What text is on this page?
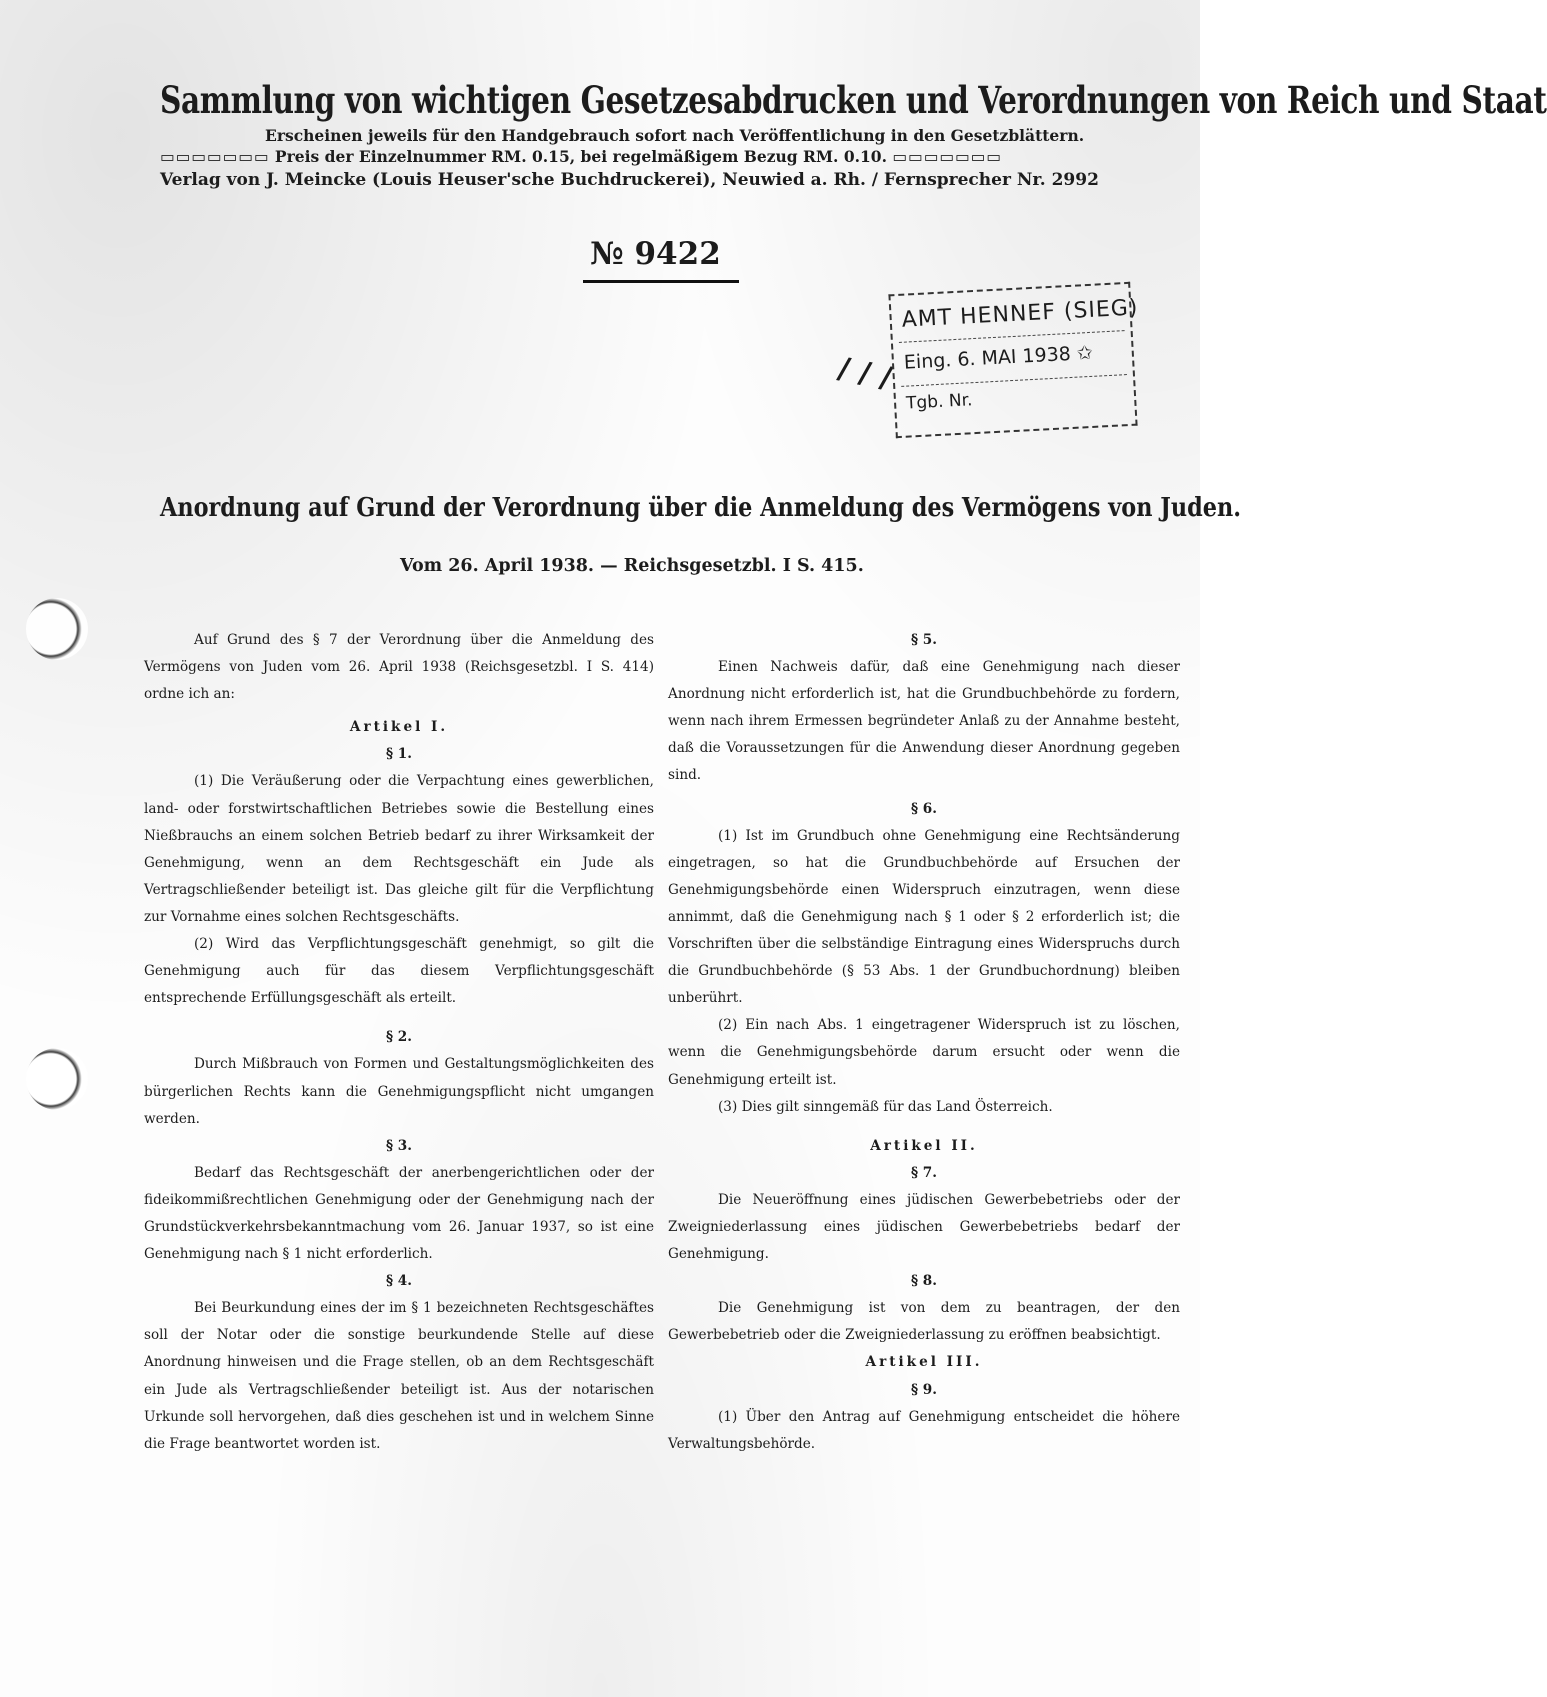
Sammlung von wichtigen Gesetzesabdrucken und Verordnungen von Reich und Staat
Erscheinen jeweils für den Handgebrauch sofort nach Veröffentlichung in den Gesetzblättern.
▭▭▭▭▭▭▭ Preis der Einzelnummer RM. 0.15, bei regelmäßigem Bezug RM. 0.10. ▭▭▭▭▭▭▭
Verlag von J. Meincke (Louis Heuser'sche Buchdruckerei), Neuwied a. Rh. / Fernsprecher Nr. 2992
№ 9422
/ / /
AMT HENNEF (SIEG)
Eing. 6. MAI 1938 ✩
Tgb. Nr.
Anordnung auf Grund der Verordnung über die Anmeldung des Vermögens von Juden.
Vom 26. April 1938. — Reichsgesetzbl. I S. 415.

Auf Grund des § 7 der Verordnung über die Anmeldung des Vermögens von Juden vom 26. April 1938 (Reichsgesetzbl. I S. 414) ordne ich an:

Artikel I.

§ 1.

(1) Die Veräußerung oder die Verpachtung eines gewerblichen, land- oder forstwirtschaftlichen Betriebes sowie die Bestellung eines Nießbrauchs an einem solchen Betrieb bedarf zu ihrer Wirksamkeit der Genehmigung, wenn an dem Rechtsgeschäft ein Jude als Vertragschließender beteiligt ist. Das gleiche gilt für die Verpflichtung zur Vornahme eines solchen Rechtsgeschäfts.

(2) Wird das Verpflichtungsgeschäft genehmigt, so gilt die Genehmigung auch für das diesem Verpflichtungsgeschäft entsprechende Erfüllungsgeschäft als erteilt.

§ 2.

Durch Mißbrauch von Formen und Gestaltungsmöglichkeiten des bürgerlichen Rechts kann die Genehmigungspflicht nicht umgangen werden.

§ 3.

Bedarf das Rechtsgeschäft der anerbengerichtlichen oder der fideikommißrechtlichen Genehmigung oder der Genehmigung nach der Grundstückverkehrsbekanntmachung vom 26. Januar 1937, so ist eine Genehmigung nach § 1 nicht erforderlich.

§ 4.

Bei Beurkundung eines der im § 1 bezeichneten Rechtsgeschäftes soll der Notar oder die sonstige beurkundende Stelle auf diese Anordnung hinweisen und die Frage stellen, ob an dem Rechtsgeschäft ein Jude als Vertragschließender beteiligt ist. Aus der notarischen Urkunde soll hervorgehen, daß dies geschehen ist und in welchem Sinne die Frage beantwortet worden ist.

§ 5.

Einen Nachweis dafür, daß eine Genehmigung nach dieser Anordnung nicht erforderlich ist, hat die Grundbuchbehörde zu fordern, wenn nach ihrem Ermessen begründeter Anlaß zu der Annahme besteht, daß die Voraussetzungen für die Anwendung dieser Anordnung gegeben sind.

§ 6.

(1) Ist im Grundbuch ohne Genehmigung eine Rechtsänderung eingetragen, so hat die Grundbuchbehörde auf Ersuchen der Genehmigungsbehörde einen Widerspruch einzutragen, wenn diese annimmt, daß die Genehmigung nach § 1 oder § 2 erforderlich ist; die Vorschriften über die selbständige Eintragung eines Widerspruchs durch die Grundbuchbehörde (§ 53 Abs. 1 der Grundbuchordnung) bleiben unberührt.

(2) Ein nach Abs. 1 eingetragener Widerspruch ist zu löschen, wenn die Genehmigungsbehörde darum ersucht oder wenn die Genehmigung erteilt ist.

(3) Dies gilt sinngemäß für das Land Österreich.

Artikel II.

§ 7.

Die Neueröffnung eines jüdischen Gewerbebetriebs oder der Zweigniederlassung eines jüdischen Gewerbebetriebs bedarf der Genehmigung.

§ 8.

Die Genehmigung ist von dem zu beantragen, der den Gewerbebetrieb oder die Zweigniederlassung zu eröffnen beabsichtigt.

Artikel III.

§ 9.

(1) Über den Antrag auf Genehmigung entscheidet die höhere Verwaltungsbehörde.
